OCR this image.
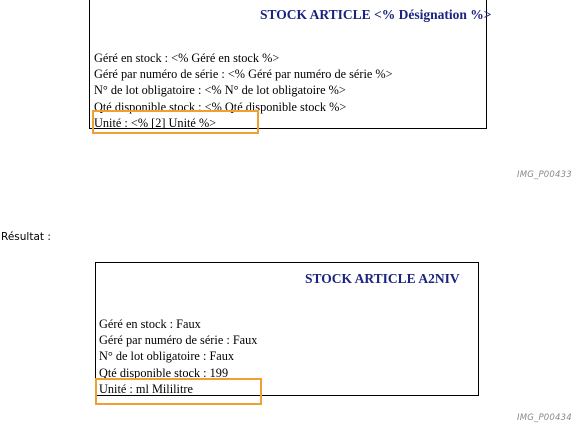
STOCK ARTICLE <% Désignation %>
Géré en stock : <% Géré en stock %>
Géré par numéro de série : <% Géré par numéro de série %>
N° de lot obligatoire : <% N° de lot obligatoire %>
Qté disponible stock : <% Qté disponible stock %>
Unité : <% [2] Unité %>
IMG_P00433
Résultat :
STOCK ARTICLE A2NIV
Géré en stock : Faux
Géré par numéro de série : Faux
N° de lot obligatoire : Faux
Qté disponible stock : 199
Unité : ml Mililitre
IMG_P00434
